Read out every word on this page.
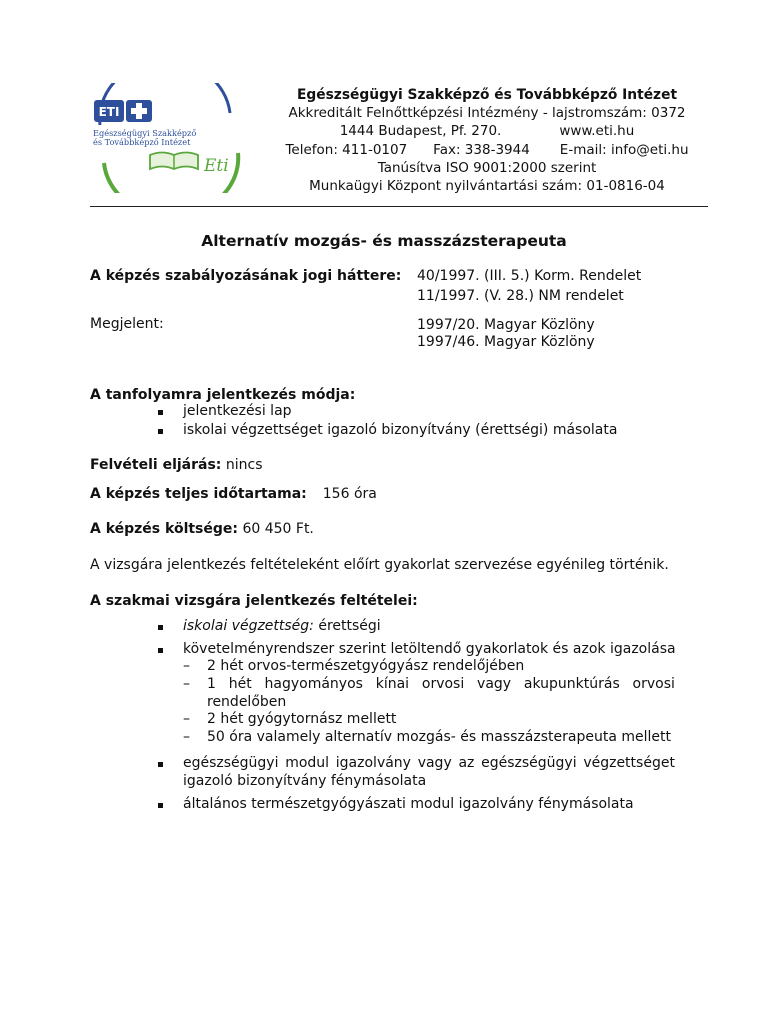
ETI
Egészségügyi Szakképző
és Továbbképző Intézet
Eti
Egészségügyi Szakképző és Továbbképző Intézet
Akkreditált Felnőttképzési Intézmény - lajstromszám: 0372
1444 Budapest, Pf. 270.	www.eti.hu
Telefon: 411-0107 Fax: 338-3944 E-mail: info@eti.hu
Tanúsítva ISO 9001:2000 szerint
Munkaügyi Központ nyilvántartási szám: 01-0816-04
Alternatív mozgás- és masszázsterapeuta
A képzés szabályozásának jogi háttere: 40/1997. (III. 5.) Korm. Rendelet
11/1997. (V. 28.) NM rendelet
Megjelent:	1997/20. Magyar Közlöny
1997/46. Magyar Közlöny
A tanfolyamra jelentkezés módja:
jelentkezési lap
iskolai végzettséget igazoló bizonyítvány (érettségi) másolata
Felvételi eljárás: nincs
A képzés teljes időtartama: 156 óra
A képzés költsége: 60 450 Ft.
A vizsgára jelentkezés feltételeként előírt gyakorlat szervezése egyénileg történik.
A szakmai vizsgára jelentkezés feltételei:
iskolai végzettség: érettségi
követelményrendszer szerint letöltendő gyakorlatok és azok igazolása
– 2 hét orvos-természetgyógyász rendelőjében
– 1 hét hagyományos kínai orvosi vagy akupunktúrás orvosi
rendelőben
– 2 hét gyógytornász mellett
– 50 óra valamely alternatív mozgás- és masszázsterapeuta mellett
egészségügyi modul igazolvány vagy az egészségügyi végzettséget
igazoló bizonyítvány fénymásolata
általános természetgyógyászati modul igazolvány fénymásolata
